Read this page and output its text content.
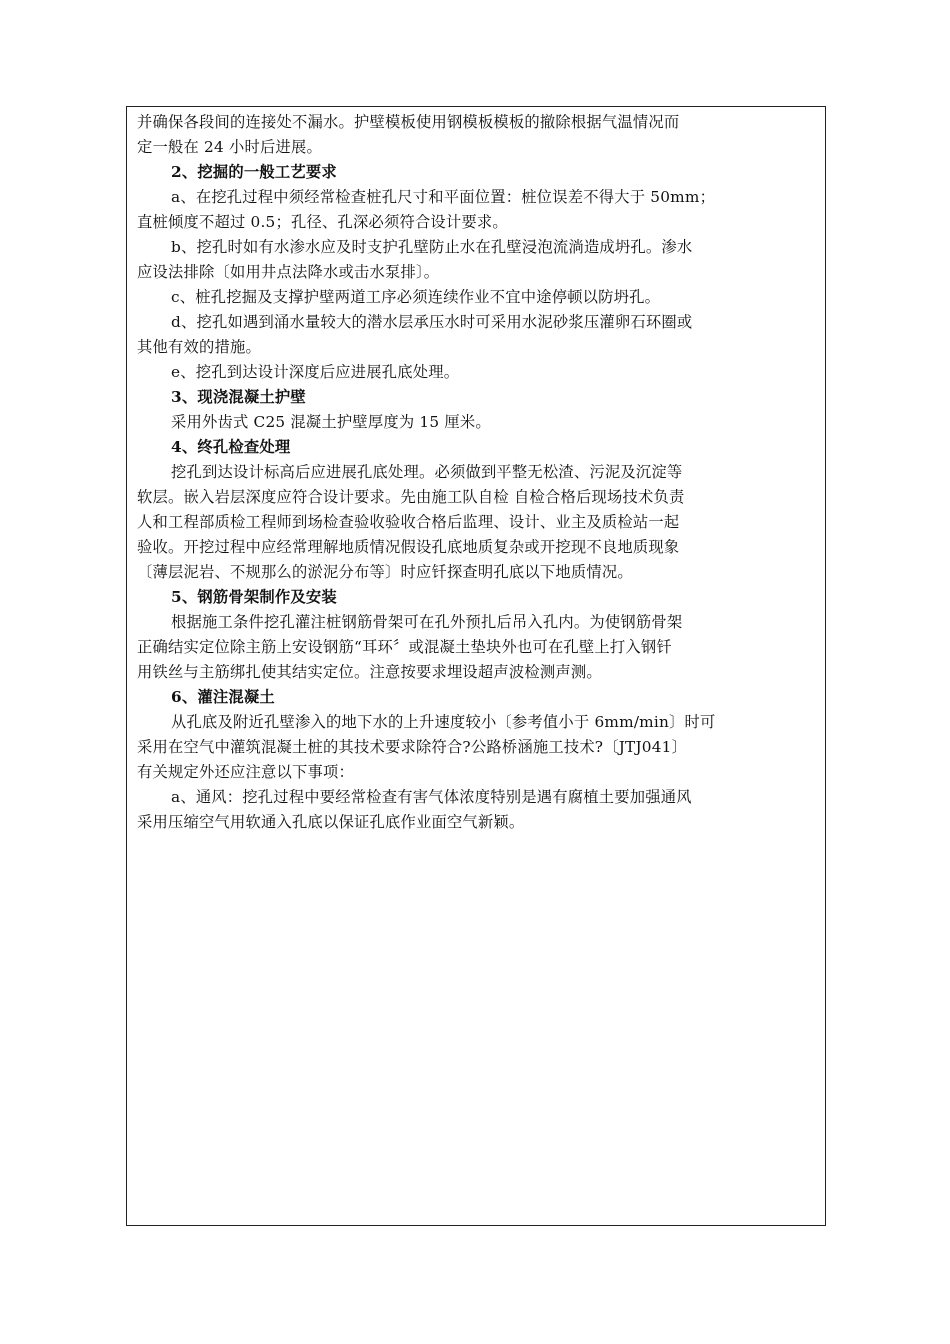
并确保各段间的连接处不漏水。护壁模板使用钢模板模板的撤除根据气温情况而
定一般在 24 小时后进展。
2、挖掘的一般工艺要求
a、在挖孔过程中须经常检查桩孔尺寸和平面位置：桩位误差不得大于 50mm；
直桩倾度不超过 0.5；孔径、孔深必须符合设计要求。
b、挖孔时如有水渗水应及时支护孔壁防止水在孔壁浸泡流淌造成坍孔。渗水
应设法排除〔如用井点法降水或击水泵排〕。
c、桩孔挖掘及支撑护壁两道工序必须连续作业不宜中途停顿以防坍孔。
d、挖孔如遇到涌水量较大的潜水层承压水时可采用水泥砂浆压灌卵石环圈或
其他有效的措施。
e、挖孔到达设计深度后应进展孔底处理。
3、现浇混凝土护壁
采用外齿式 C25 混凝土护壁厚度为 15 厘米。
4、终孔检查处理
挖孔到达设计标高后应进展孔底处理。必须做到平整无松渣、污泥及沉淀等
软层。嵌入岩层深度应符合设计要求。先由施工队自检 自检合格后现场技术负责
人和工程部质检工程师到场检查验收验收合格后监理、设计、业主及质检站一起
验收。开挖过程中应经常理解地质情况假设孔底地质复杂或开挖现不良地质现象
〔薄层泥岩、不规那么的淤泥分布等〕时应钎探查明孔底以下地质情况。
5、钢筋骨架制作及安装
根据施工条件挖孔灌注桩钢筋骨架可在孔外预扎后吊入孔内。为使钢筋骨架
正确结实定位除主筋上安设钢筋“耳环〞或混凝土垫块外也可在孔壁上打入钢钎
用铁丝与主筋绑扎使其结实定位。注意按要求埋设超声波检测声测。
6、灌注混凝土
从孔底及附近孔壁渗入的地下水的上升速度较小〔参考值小于 6mm/min〕时可
采用在空气中灌筑混凝土桩的其技术要求除符合?公路桥涵施工技术?〔JTJ041〕
有关规定外还应注意以下事项：
a、通风：挖孔过程中要经常检查有害气体浓度特别是遇有腐植土要加强通风
采用压缩空气用软通入孔底以保证孔底作业面空气新颖。
